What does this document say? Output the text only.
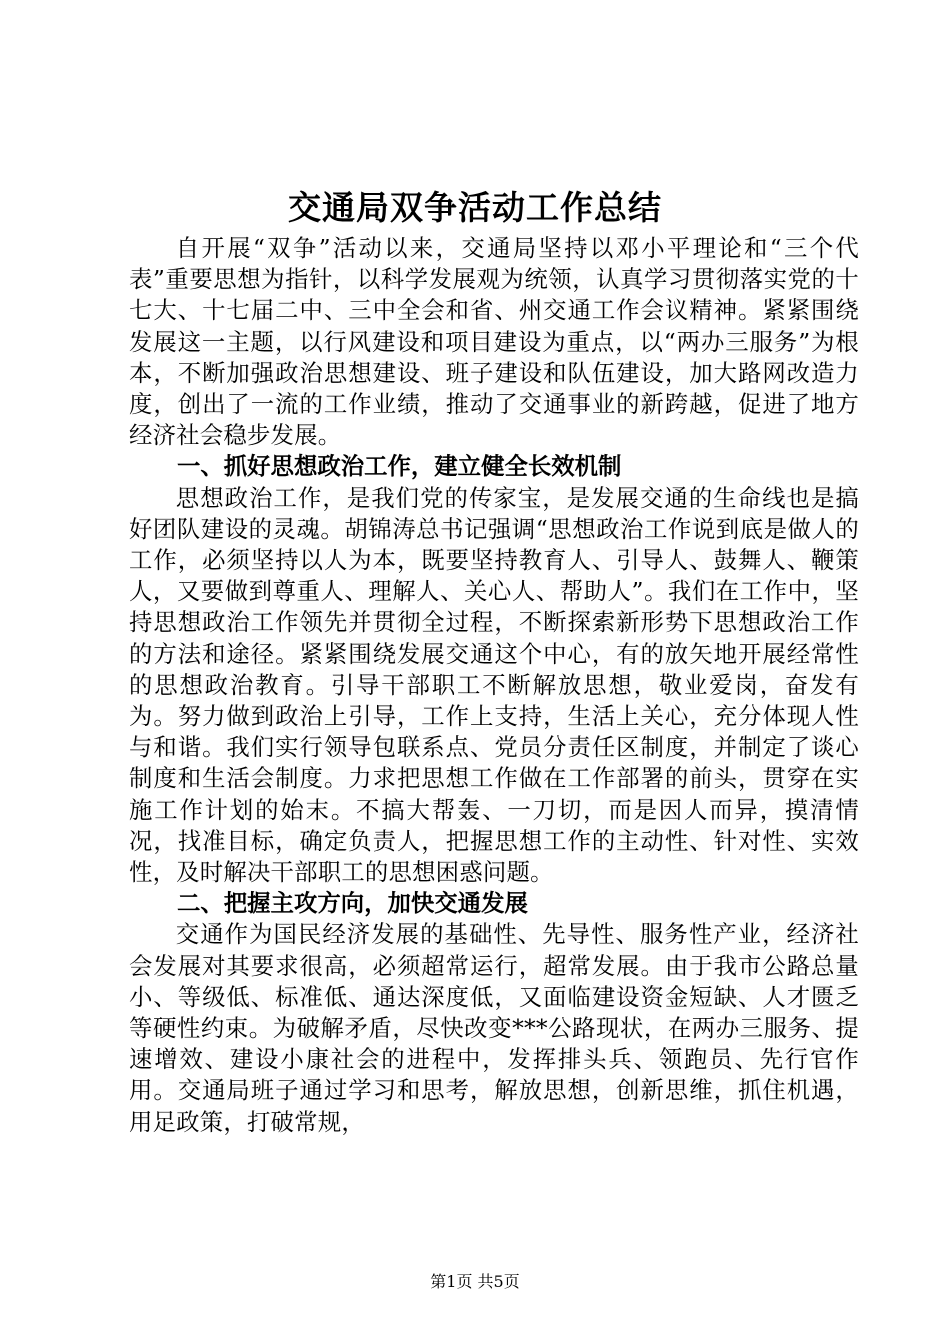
交通局双争活动工作总结

自开展“双争”活动以来，交通局坚持以邓小平理论和“三个代表”重要思想为指针，以科学发展观为统领，认真学习贯彻落实党的十七大、十七届二中、三中全会和省、州交通工作会议精神。紧紧围绕发展这一主题，以行风建设和项目建设为重点，以“两办三服务”为根本，不断加强政治思想建设、班子建设和队伍建设，加大路网改造力度，创出了一流的工作业绩，推动了交通事业的新跨越，促进了地方经济社会稳步发展。

一、抓好思想政治工作，建立健全长效机制

思想政治工作，是我们党的传家宝，是发展交通的生命线也是搞好团队建设的灵魂。胡锦涛总书记强调“思想政治工作说到底是做人的工作，必须坚持以人为本，既要坚持教育人、引导人、鼓舞人、鞭策人，又要做到尊重人、理解人、关心人、帮助人”。我们在工作中，坚持思想政治工作领先并贯彻全过程，不断探索新形势下思想政治工作的方法和途径。紧紧围绕发展交通这个中心，有的放矢地开展经常性的思想政治教育。引导干部职工不断解放思想，敬业爱岗，奋发有为。努力做到政治上引导，工作上支持，生活上关心，充分体现人性与和谐。我们实行领导包联系点、党员分责任区制度，并制定了谈心制度和生活会制度。力求把思想工作做在工作部署的前头，贯穿在实施工作计划的始末。不搞大帮轰、一刀切，而是因人而异，摸清情况，找准目标，确定负责人，把握思想工作的主动性、针对性、实效性，及时解决干部职工的思想困惑问题。

二、把握主攻方向，加快交通发展

交通作为国民经济发展的基础性、先导性、服务性产业，经济社会发展对其要求很高，必须超常运行，超常发展。由于我市公路总量小、等级低、标准低、通达深度低，又面临建设资金短缺、人才匮乏等硬性约束。为破解矛盾，尽快改变***公路现状，在两办三服务、提速增效、建设小康社会的进程中，发挥排头兵、领跑员、先行官作用。交通局班子通过学习和思考，解放思想，创新思维，抓住机遇，用足政策，打破常规，

第1页 共5页
